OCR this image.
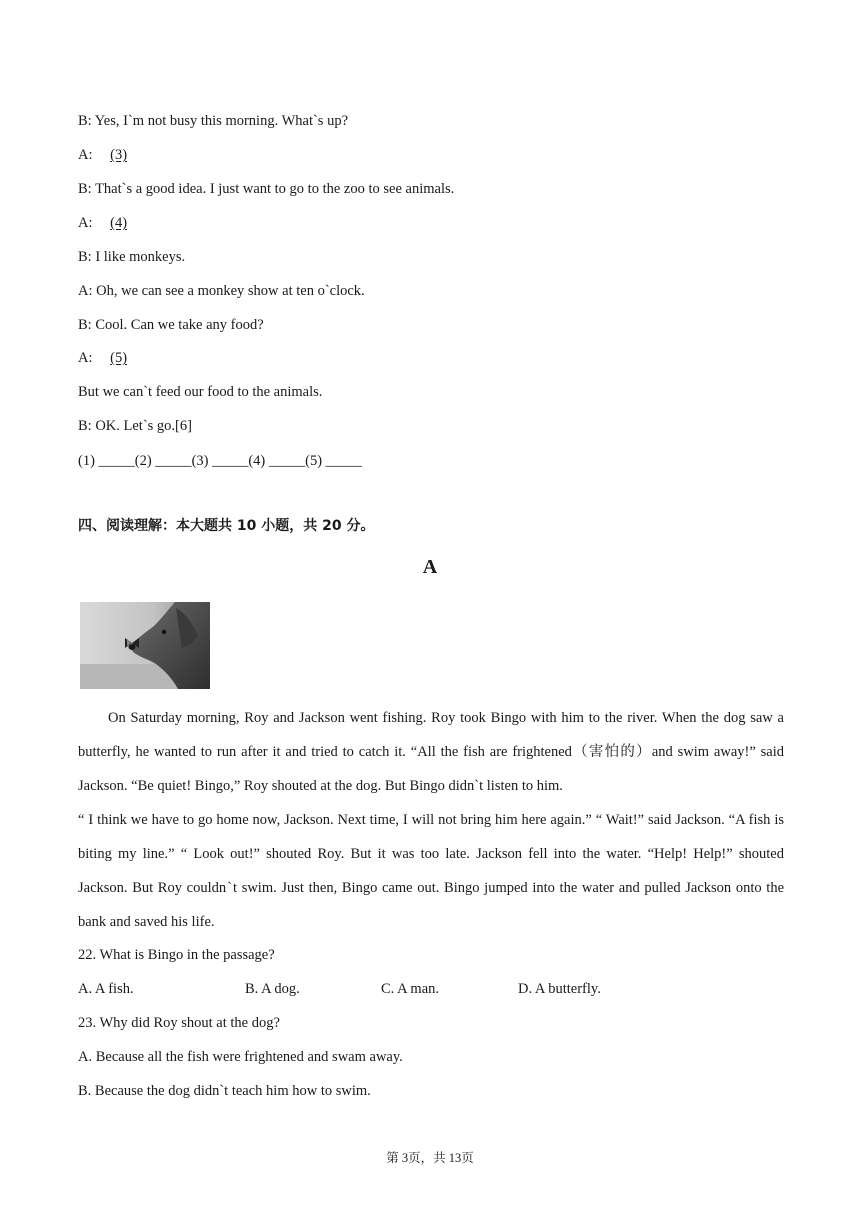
B: Yes, Iˋm not busy this morning. Whatˋs up?
A: (3)
B: Thatˋs a good idea. I just want to go to the zoo to see animals.
A: (4)
B: I like monkeys.
A: Oh, we can see a monkey show at ten oˋclock.
B: Cool. Can we take any food?
A: (5)
But we canˋt feed our food to the animals.
B: OK. Letˋs go.[6]
(1) _____(2) _____(3) _____(4) _____(5) _____
四、阅读理解：本大题共 10 小题，共 20 分。
A
On Saturday morning, Roy and Jackson went fishing. Roy took Bingo with him to the river. When the dog saw a butterfly, he wanted to run after it and tried to catch it. “All the fish are frightened（害怕的）and swim away!” said Jackson. “Be quiet! Bingo,” Roy shouted at the dog. But Bingo didnˋt listen to him.
“ I think we have to go home now, Jackson. Next time, I will not bring him here again.” “ Wait!” said Jackson. “A fish is biting my line.” “ Look out!” shouted Roy. But it was too late. Jackson fell into the water. “Help! Help!” shouted Jackson. But Roy couldnˋt swim. Just then, Bingo came out. Bingo jumped into the water and pulled Jackson onto the bank and saved his life.
22. What is Bingo in the passage?
A. A fish.	B. A dog.	C. A man.	D. A butterfly.
23. Why did Roy shout at the dog?
A. Because all the fish were frightened and swam away.
B. Because the dog didnˋt teach him how to swim.
第 3页，共 13页
